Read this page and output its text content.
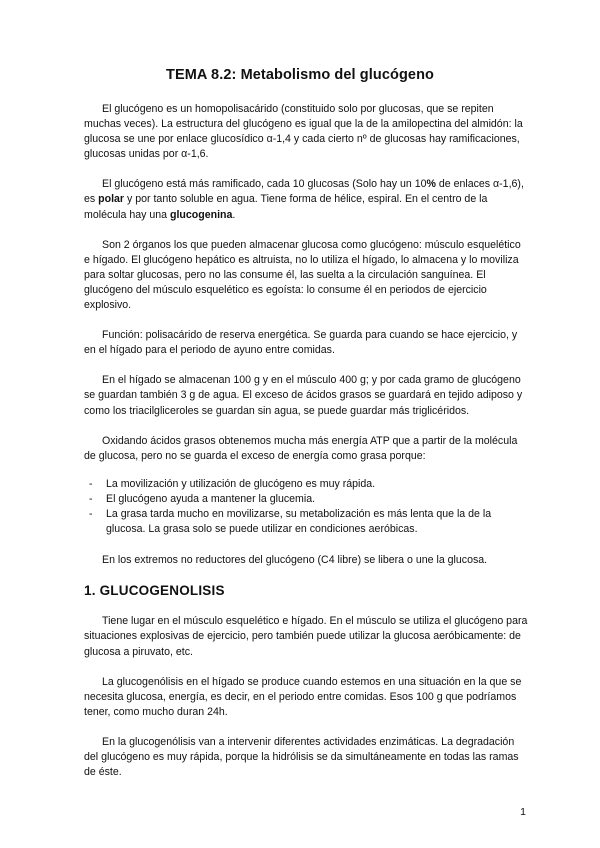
TEMA 8.2: Metabolismo del glucógeno

El glucógeno es un homopolisacárido (constituido solo por glucosas, que se repiten muchas veces). La estructura del glucógeno es igual que la de la amilopectina del almidón: la glucosa se une por enlace glucosídico α-1,4 y cada cierto nº de glucosas hay ramificaciones, glucosas unidas por α-1,6.

El glucógeno está más ramificado, cada 10 glucosas (Solo hay un 10% de enlaces α-1,6), es polar y por tanto soluble en agua. Tiene forma de hélice, espiral. En el centro de la molécula hay una glucogenina.

Son 2 órganos los que pueden almacenar glucosa como glucógeno: músculo esquelético e hígado. El glucógeno hepático es altruista, no lo utiliza el hígado, lo almacena y lo moviliza para soltar glucosas, pero no las consume él, las suelta a la circulación sanguínea. El glucógeno del músculo esquelético es egoísta: lo consume él en periodos de ejercicio explosivo.

Función: polisacárido de reserva energética. Se guarda para cuando se hace ejercicio, y en el hígado para el periodo de ayuno entre comidas.

En el hígado se almacenan 100 g y en el músculo 400 g; y por cada gramo de glucógeno se guardan también 3 g de agua. El exceso de ácidos grasos se guardará en tejido adiposo y como los triacilgliceroles se guardan sin agua, se puede guardar más triglicéridos.

Oxidando ácidos grasos obtenemos mucha más energía ATP que a partir de la molécula de glucosa, pero no se guarda el exceso de energía como grasa porque:

- La movilización y utilización de glucógeno es muy rápida.
- El glucógeno ayuda a mantener la glucemia.
- La grasa tarda mucho en movilizarse, su metabolización es más lenta que la de la glucosa. La grasa solo se puede utilizar en condiciones aeróbicas.

En los extremos no reductores del glucógeno (C4 libre) se libera o une la glucosa.

1. GLUCOGENOLISIS

Tiene lugar en el músculo esquelético e hígado. En el músculo se utiliza el glucógeno para situaciones explosivas de ejercicio, pero también puede utilizar la glucosa aeróbicamente: de glucosa a piruvato, etc.

La glucogenólisis en el hígado se produce cuando estemos en una situación en la que se necesita glucosa, energía, es decir, en el periodo entre comidas. Esos 100 g que podríamos tener, como mucho duran 24h.

En la glucogenólisis van a intervenir diferentes actividades enzimáticas. La degradación del glucógeno es muy rápida, porque la hidrólisis se da simultáneamente en todas las ramas de éste.

1
